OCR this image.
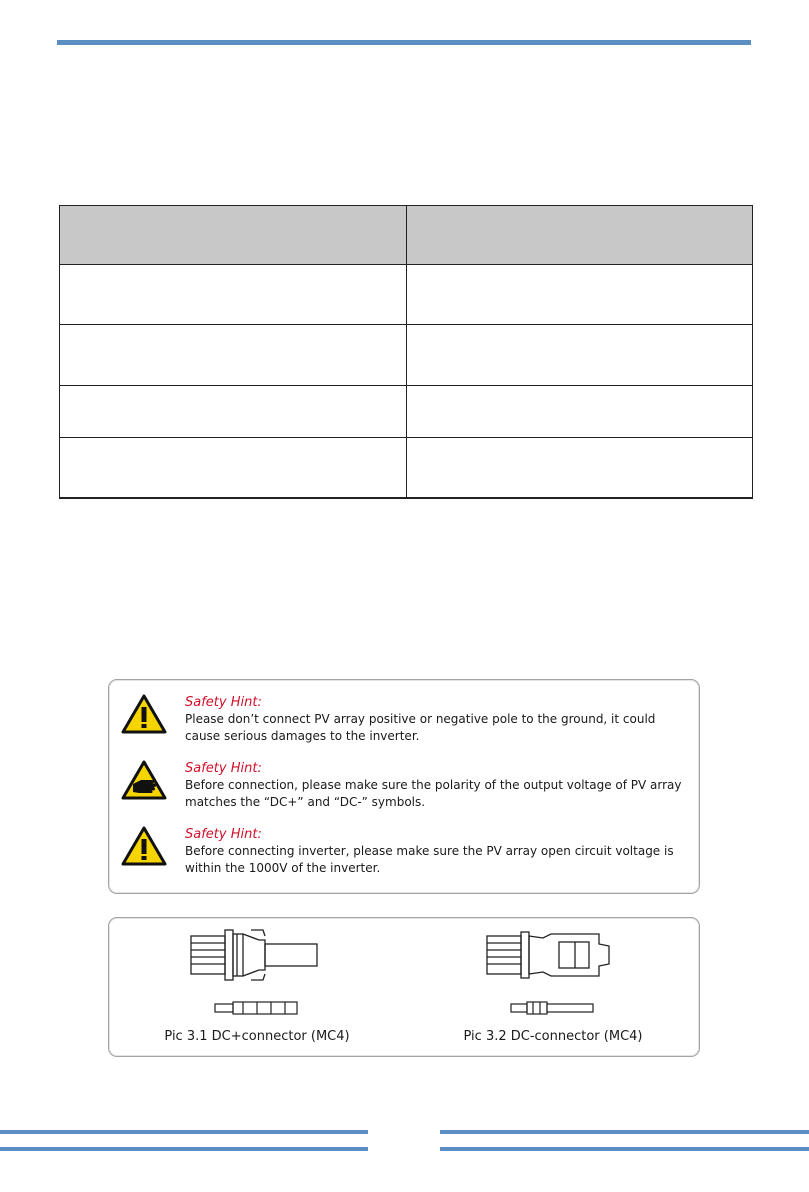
Safety Hint:
Please don’t connect PV array positive or negative pole to the ground, it could cause serious damages to the inverter.
Safety Hint:
Before connection, please make sure the polarity of the output voltage of PV array matches the “DC+” and “DC-” symbols.
Safety Hint:
Before connecting inverter, please make sure the PV array open circuit voltage is within the 1000V of the inverter.
Pic 3.1 DC+connector (MC4)	Pic 3.2 DC-connector (MC4)
